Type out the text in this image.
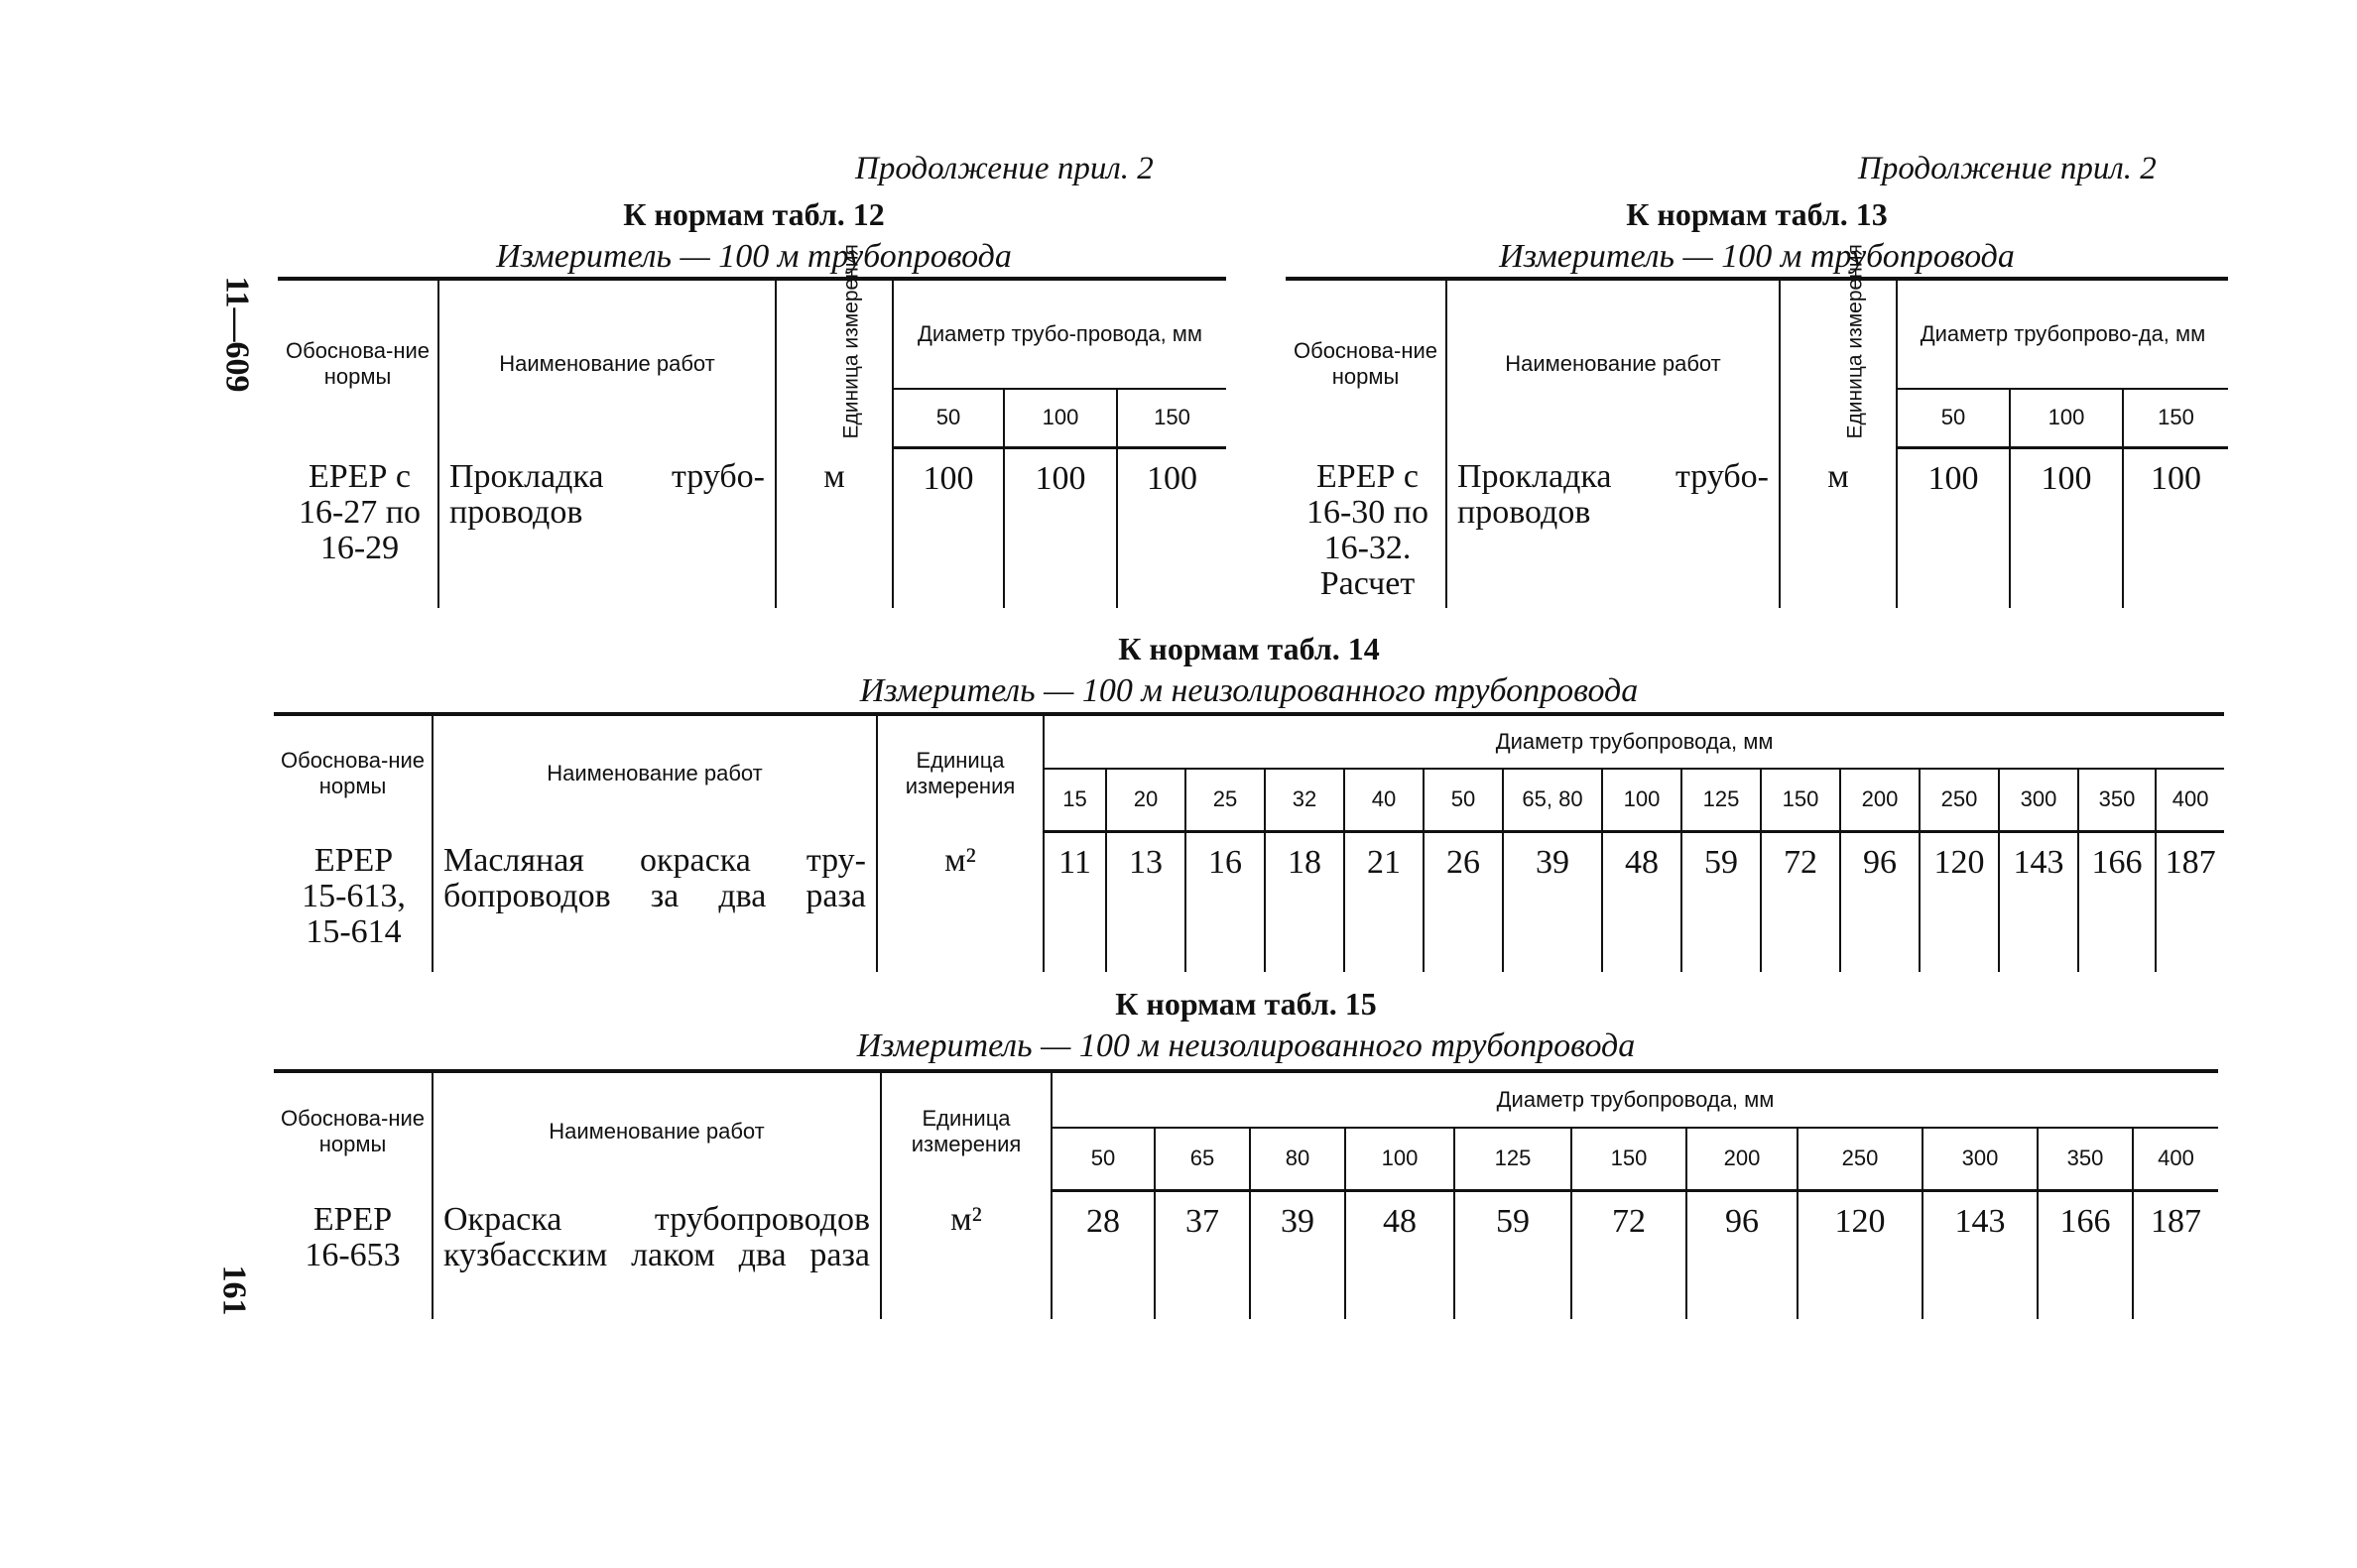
11—609
161
Продолжение прил. 2
К нормам табл. 12
Измеритель — 100 м трубопровода
Обоснова-ние нормы	Наименование работ	Единица измерения	Диаметр трубо-провода, мм		
			50	100	150
ЕРЕР с 16-27 по 16-29	Прокладка трубо-проводов	м	100	100	100
Продолжение прил. 2
К нормам табл. 13
Измеритель — 100 м трубопровода
Обоснова-ние нормы	Наименование работ	Единица измерения	Диаметр трубопрово-да, мм		
			50	100	150
ЕРЕР с 16-30 по 16-32. Расчет	Прокладка трубо-проводов	м	100	100	100
К нормам табл. 14
Измеритель — 100 м неизолированного трубопровода
Обоснова-ние нормы	Наименование работ	Единица измерения	Диаметр трубопровода, мм														
			15	20	25	32	40	50	65, 80	100	125	150	200	250	300	350	400
ЕРЕР 15-613, 15-614	Масляная окраска тру-бопроводов за два раза	м²	11	13	16	18	21	26	39	48	59	72	96	120	143	166	187
К нормам табл. 15
Измеритель — 100 м неизолированного трубопровода
Обоснова-ние нормы	Наименование работ	Единица измерения	Диаметр трубопровода, мм										
			50	65	80	100	125	150	200	250	300	350	400
ЕРЕР 16-653	Окраска трубопроводов кузбасским лаком два раза	м²	28	37	39	48	59	72	96	120	143	166	187
